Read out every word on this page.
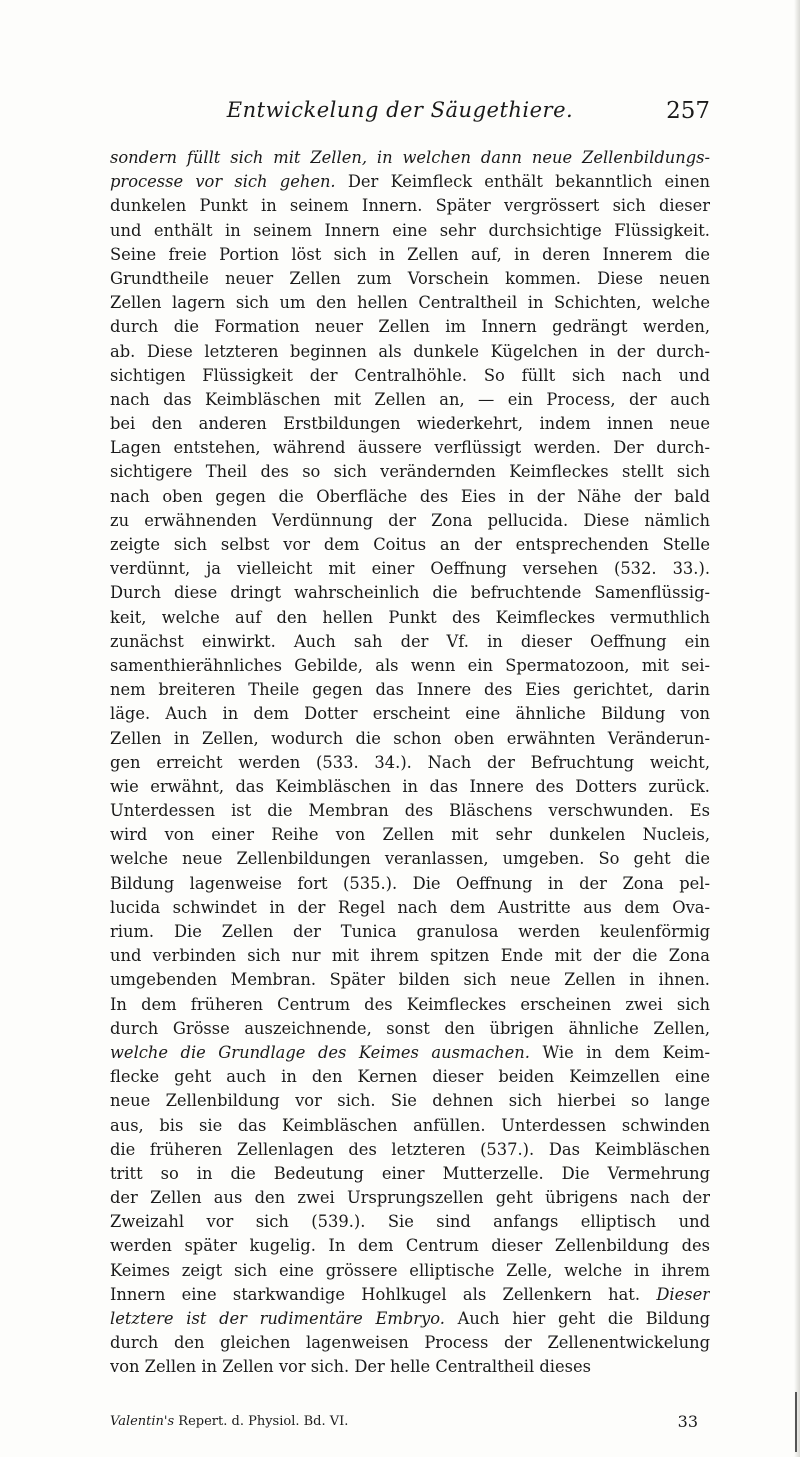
Entwickelung der Säugethiere.	257
sondern füllt sich mit Zellen, in welchen dann neue Zellenbildungs-
processe vor sich gehen. Der Keimfleck enthält bekanntlich einen
dunkelen Punkt in seinem Innern. Später vergrössert sich dieser
und enthält in seinem Innern eine sehr durchsichtige Flüssigkeit.
Seine freie Portion löst sich in Zellen auf, in deren Innerem die
Grundtheile neuer Zellen zum Vorschein kommen. Diese neuen
Zellen lagern sich um den hellen Centraltheil in Schichten, welche
durch die Formation neuer Zellen im Innern gedrängt werden,
ab. Diese letzteren beginnen als dunkele Kügelchen in der durch-
sichtigen Flüssigkeit der Centralhöhle. So füllt sich nach und
nach das Keimbläschen mit Zellen an, — ein Process, der auch
bei den anderen Erstbildungen wiederkehrt, indem innen neue
Lagen entstehen, während äussere verflüssigt werden. Der durch-
sichtigere Theil des so sich verändernden Keimfleckes stellt sich
nach oben gegen die Oberfläche des Eies in der Nähe der bald
zu erwähnenden Verdünnung der Zona pellucida. Diese nämlich
zeigte sich selbst vor dem Coitus an der entsprechenden Stelle
verdünnt, ja vielleicht mit einer Oeffnung versehen (532. 33.).
Durch diese dringt wahrscheinlich die befruchtende Samenflüssig-
keit, welche auf den hellen Punkt des Keimfleckes vermuthlich
zunächst einwirkt. Auch sah der Vf. in dieser Oeffnung ein
samenthierähnliches Gebilde, als wenn ein Spermatozoon, mit sei-
nem breiteren Theile gegen das Innere des Eies gerichtet, darin
läge. Auch in dem Dotter erscheint eine ähnliche Bildung von
Zellen in Zellen, wodurch die schon oben erwähnten Veränderun-
gen erreicht werden (533. 34.). Nach der Befruchtung weicht,
wie erwähnt, das Keimbläschen in das Innere des Dotters zurück.
Unterdessen ist die Membran des Bläschens verschwunden. Es
wird von einer Reihe von Zellen mit sehr dunkelen Nucleis,
welche neue Zellenbildungen veranlassen, umgeben. So geht die
Bildung lagenweise fort (535.). Die Oeffnung in der Zona pel-
lucida schwindet in der Regel nach dem Austritte aus dem Ova-
rium. Die Zellen der Tunica granulosa werden keulenförmig
und verbinden sich nur mit ihrem spitzen Ende mit der die Zona
umgebenden Membran. Später bilden sich neue Zellen in ihnen.
In dem früheren Centrum des Keimfleckes erscheinen zwei sich
durch Grösse auszeichnende, sonst den übrigen ähnliche Zellen,
welche die Grundlage des Keimes ausmachen. Wie in dem Keim-
flecke geht auch in den Kernen dieser beiden Keimzellen eine
neue Zellenbildung vor sich. Sie dehnen sich hierbei so lange
aus, bis sie das Keimbläschen anfüllen. Unterdessen schwinden
die früheren Zellenlagen des letzteren (537.). Das Keimbläschen
tritt so in die Bedeutung einer Mutterzelle. Die Vermehrung
der Zellen aus den zwei Ursprungszellen geht übrigens nach der
Zweizahl vor sich (539.). Sie sind anfangs elliptisch und
werden später kugelig. In dem Centrum dieser Zellenbildung des
Keimes zeigt sich eine grössere elliptische Zelle, welche in ihrem
Innern eine starkwandige Hohlkugel als Zellenkern hat. Dieser
letztere ist der rudimentäre Embryo. Auch hier geht die Bildung
durch den gleichen lagenweisen Process der Zellenentwickelung
von Zellen in Zellen vor sich. Der helle Centraltheil dieses
Valentin's Repert. d. Physiol. Bd. VI.	33
